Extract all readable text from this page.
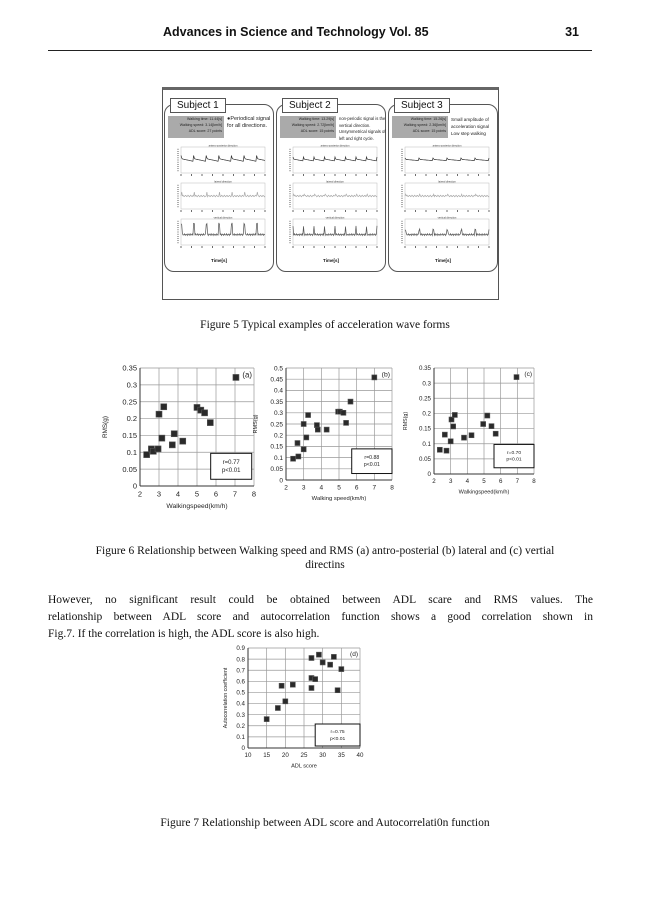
Advances in Science and Technology Vol. 85	31
Subject 1
Walking time: 11.44[s]
Walking speed: 3.14[km/h]
ADL score: 27 points
●Periodical signal
for all directions.
antero-posterior direction
lateral direction
vertical direction
Time[s]
Subject 2
Walking time: 13.29[s]
Walking speed: 2.72[km/h]
ADL score: 15 points
non-periodic signal is the
vertical direction.
Unsymmetrical signals of
left and right cycle.
antero-posterior direction
lateral direction
vertical direction
Time[s]
Subject 3
Walking time: 15.26[s]
Walking speed: 2.36[km/h]
ADL score: 15 points
Small amplitude of
acceleration signal
Low step walking
antero-posterior direction
lateral direction
vertical direction
Time[s]
Figure 5 Typical examples of acceleration wave forms
2 3 4 5 6 7 8
0
0.05
0.1
0.15
0.2
0.25
0.3
0.35
Walkingspeed(km/h)
RMS(g)
r=0.77
p<0.01
(a)
2 3 4 5 6 7 8
0
0.05
0.1
0.15
0.2
0.25
0.3
0.35
0.4
0.45
0.5
Walking speed(km/h)
RMS(g)
r=0.88
p<0.01
(b)
2 3 4 5 6 7 8
0
0.05
0.1
0.15
0.2
0.25
0.3
0.35
Walkingspeed(km/h)
RMS(g)
r=0.70
p<0.01
(c)
Figure 6 Relationship between Walking speed and RMS (a) antro-posterial (b) lateral and (c) vertial
directins
However, no significant result could be obtained between ADL scare and RMS values. The
relationship between ADL score and autocorrelation function shows a good correlation shown in
Fig.7. If the correlation is high, the ADL score is also high.
10 15 20 25 30 35 40
0
0.1
0.2
0.3
0.4
0.5
0.6
0.7
0.8
0.9
ADL score
Autocorrelation coefficient
r=0.75
p<0.01
(d)
Figure 7 Relationship between ADL score and Autocorrelati0n function
